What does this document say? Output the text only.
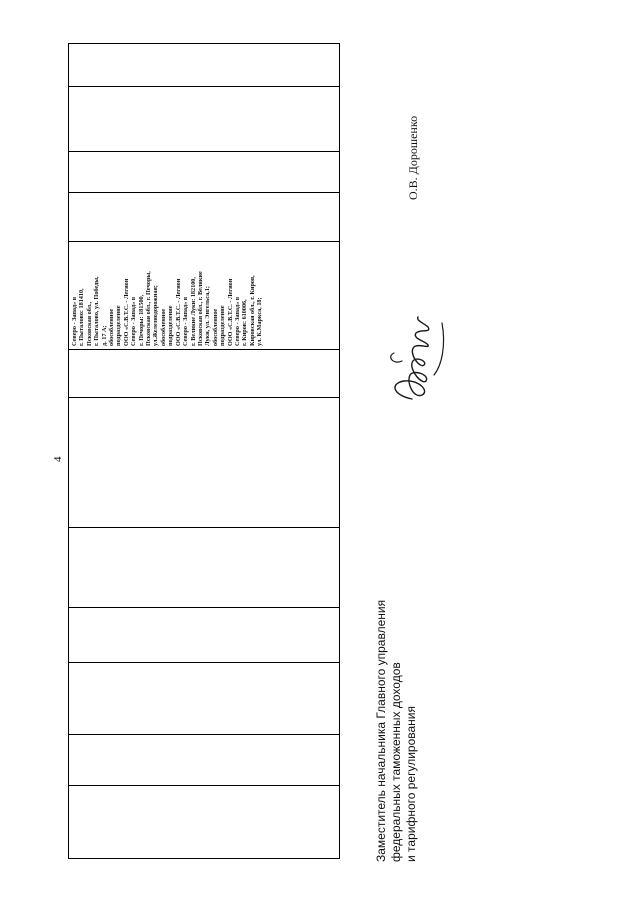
4
Северо - Запад» в г. Пыталово: 181410, Псковская обл., г. Пыталово, ул. Победы, д. 17 А; обособленное подразделение ООО «С.В.Т.С. - Легион Северо - Запад» в г. Печоры: 181500, Псковская обл., г. Печоры, ул.Железнодорожная; обособленное подразделение ООО «С.В.Т.С. - Легион Северо - Запад» в г. Великие Луки: 182100, Псковская обл., г. Великие Луки, ул. Энгельса,1; обособленное подразделение ООО «С.В.Т.С. - Легион Северо - Запад» в г. Киров: 610006, Кировская обл., г. Киров, ул. К.Маркса, 18;
Заместитель начальника Главного управления федеральных таможенных доходов и тарифного регулирования
О.В. Дорошенко
